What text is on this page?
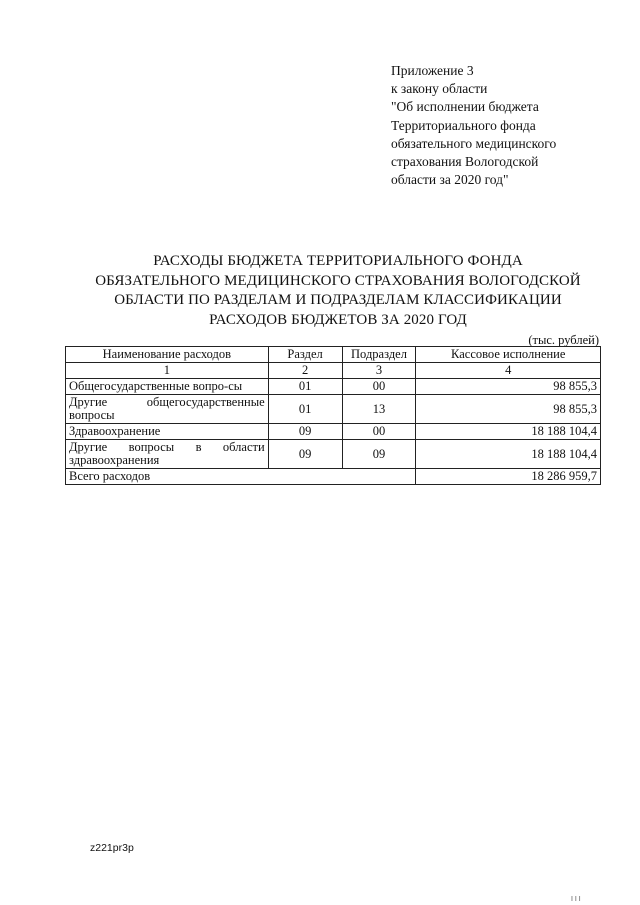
Приложение 3
к закону области
"Об исполнении бюджета
Территориального фонда
обязательного медицинского
страхования Вологодской
области за 2020 год"
РАСХОДЫ БЮДЖЕТА ТЕРРИТОРИАЛЬНОГО ФОНДА
ОБЯЗАТЕЛЬНОГО МЕДИЦИНСКОГО СТРАХОВАНИЯ ВОЛОГОДСКОЙ
ОБЛАСТИ ПО РАЗДЕЛАМ И ПОДРАЗДЕЛАМ КЛАССИФИКАЦИИ
РАСХОДОВ БЮДЖЕТОВ ЗА 2020 ГОД
(тыс. рублей)
Наименование расходов	Раздел	Подраздел	Кассовое исполнение
1	2	3	4
Общегосударственные вопро-сы	01	00	98 855,3
Другие общегосударственные вопросы	01	13	98 855,3
Здравоохранение	09	00	18 188 104,4
Другие вопросы в области здравоохранения	09	09	18 188 104,4
Всего расходов			18 286 959,7
z221pr3p
I I I
